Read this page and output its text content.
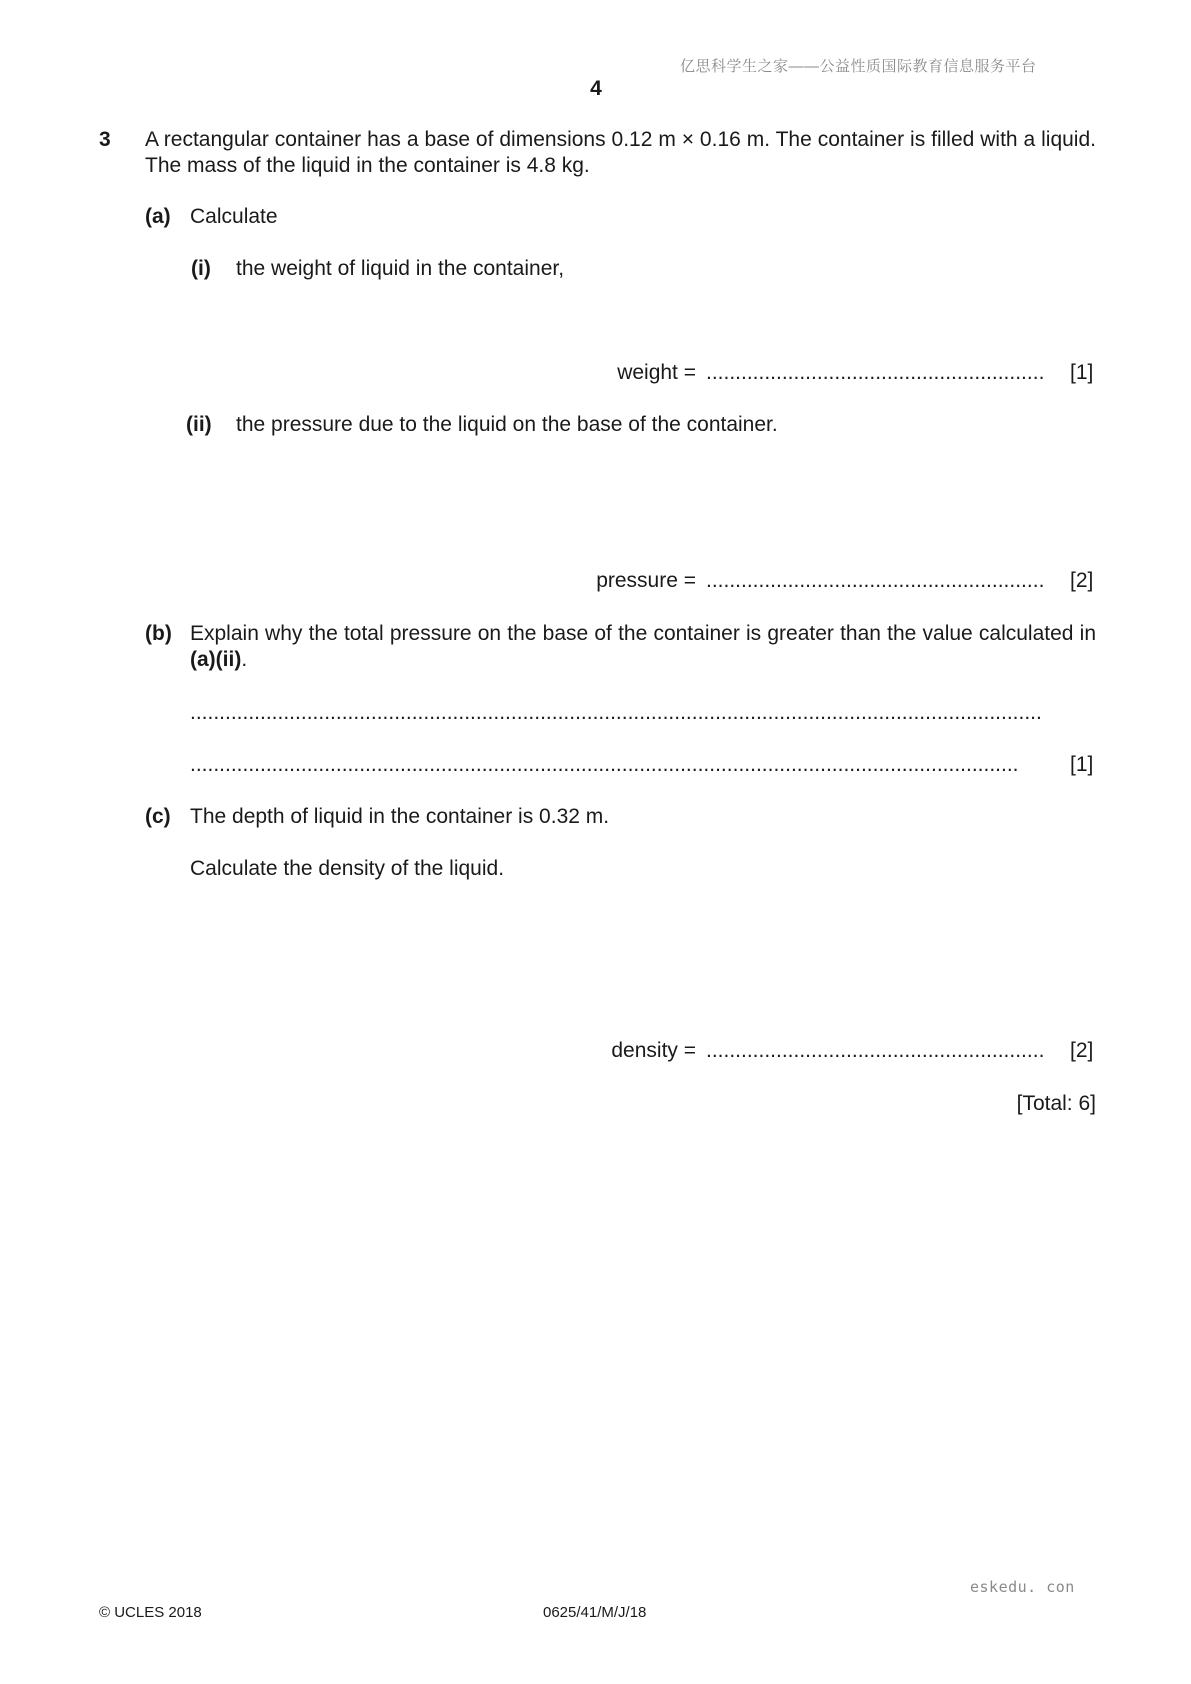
亿思科学生之家——公益性质国际教育信息服务平台
4
3 A rectangular container has a base of dimensions 0.12 m × 0.16 m. The container is filled with a liquid. The mass of the liquid in the container is 4.8 kg.
(a) Calculate
(i) the weight of liquid in the container,
weight = ..........................................................	[1]
(ii) the pressure due to the liquid on the base of the container.
pressure = ..........................................................	[2]
(b) Explain why the total pressure on the base of the container is greater than the value calculated in (a)(ii).
..................................................................................................................................................
..............................................................................................................................................	[1]
(c) The depth of liquid in the container is 0.32 m.
Calculate the density of the liquid.
density = ..........................................................	[2]
[Total: 6]
eskedu. con
© UCLES 2018	0625/41/M/J/18
